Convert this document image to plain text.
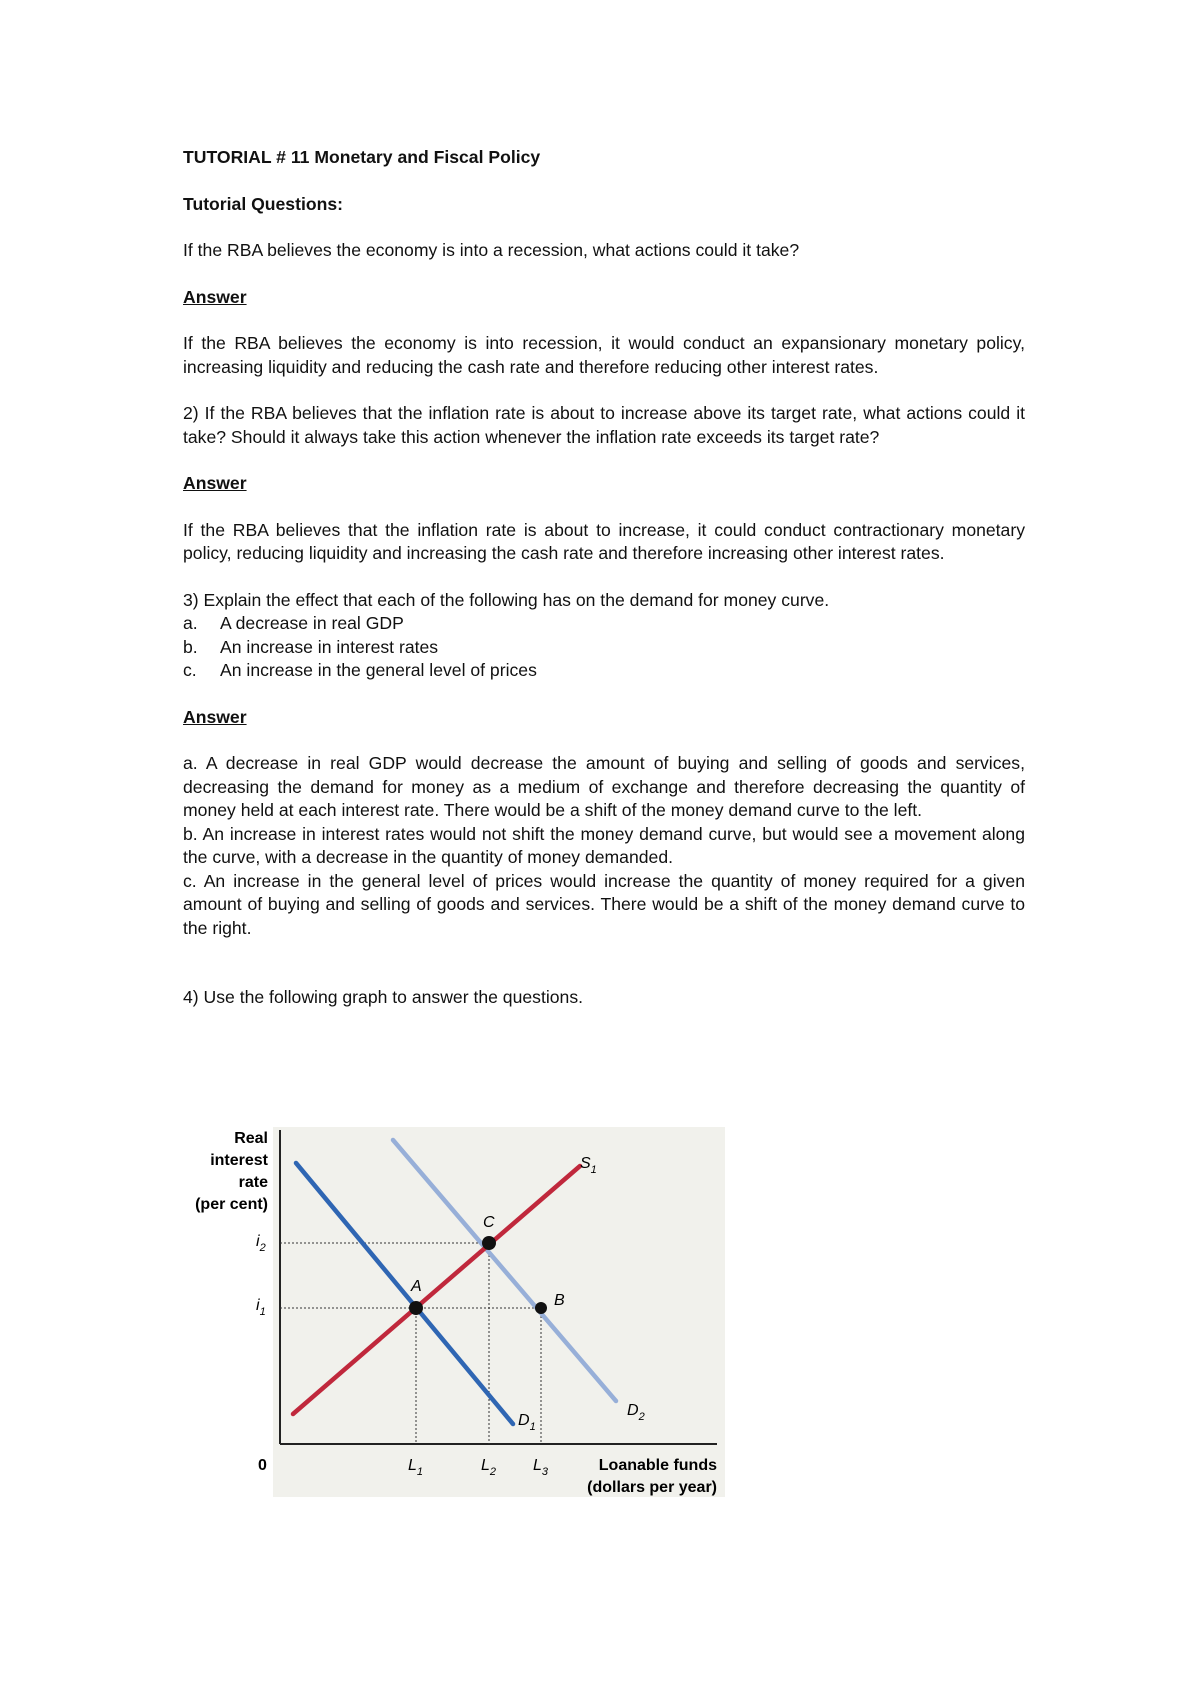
TUTORIAL # 11 Monetary and Fiscal Policy

Tutorial Questions:

If the RBA believes the economy is into a recession, what actions could it take?

Answer

If the RBA believes the economy is into recession, it would conduct an expansionary monetary policy, increasing liquidity and reducing the cash rate and therefore reducing other interest rates.

2) If the RBA believes that the inflation rate is about to increase above its target rate, what actions could it take? Should it always take this action whenever the inflation rate exceeds its target rate?

Answer

If the RBA believes that the inflation rate is about to increase, it could conduct contractionary monetary policy, reducing liquidity and increasing the cash rate and therefore increasing other interest rates.

3) Explain the effect that each of the following has on the demand for money curve.

a.	A decrease in real GDP
b.	An increase in interest rates
c.	An increase in the general level of prices

Answer

a. A decrease in real GDP would decrease the amount of buying and selling of goods and services, decreasing the demand for money as a medium of exchange and therefore decreasing the quantity of money held at each interest rate. There would be a shift of the money demand curve to the left.

b. An increase in interest rates would not shift the money demand curve, but would see a movement along the curve, with a decrease in the quantity of money demanded.

c. An increase in the general level of prices would increase the quantity of money required for a given amount of buying and selling of goods and services. There would be a shift of the money demand curve to the right.

4) Use the following graph to answer the questions.

Real
interest
rate
(per cent)
A
B
C
$S_1$
$D_1$
$D_2$
$i_2$
$i_1$
0	$L_1$	$L_2$ $L_3$	Loanable funds
(dollars per year)
